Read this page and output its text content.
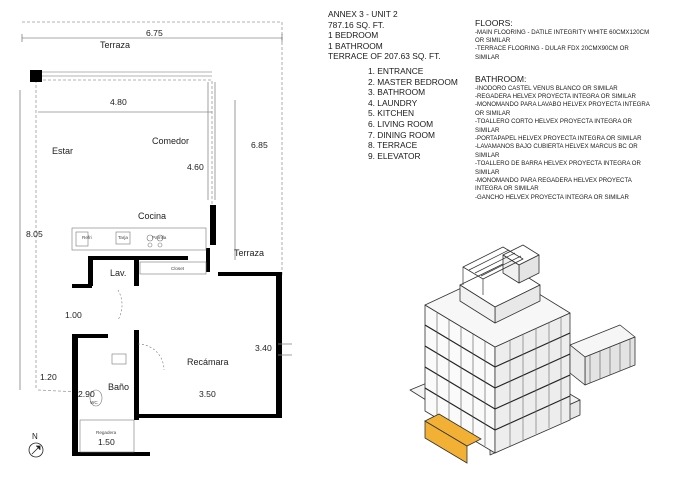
6.75
Terraza
4.80
Estar
Comedor	6.85
4.60
Cocina
8.05	Refri	Tarja	Parrilla
Terraza
Lav.	Closet
1.00
3.40
Recámara
1.20
Baño
2.90	3.50
WC
Regadera
1.50
N
ANNEX 3 - UNIT 2
787.16 SQ. FT.
1 BEDROOM
1 BATHROOM
TERRACE OF 207.63 SQ. FT.
1. ENTRANCE
2. MASTER BEDROOM
3. BATHROOM
4. LAUNDRY
5. KITCHEN
6. LIVING ROOM
7. DINING ROOM
8. TERRACE
9. ELEVATOR
FLOORS:
-MAIN FLOORING - DATILE INTEGRITY WHITE 60CMX120CM
OR SIMILAR
-TERRACE FLOORING - DULAR FDX 20CMX90CM OR
SIMILAR
BATHROOM:
-INODORO CASTEL VENUS BLANCO OR SIMILAR
-REGADERA HELVEX PROYECTA INTEGRA OR SIMILAR
-MONOMANDO PARA LAVABO HELVEX PROYECTA INTEGRA
OR SIMILAR
-TOALLERO CORTO HELVEX PROYECTA INTEGRA OR
SIMILAR
-PORTAPAPEL HELVEX PROYECTA INTEGRA OR SIMILAR
-LAVAMANOS BAJO CUBIERTA HELVEX MARCUS BC OR
SIMILAR
-TOALLERO DE BARRA HELVEX PROYECTA INTEGRA OR
SIMILAR
-MONOMANDO PARA REGADERA HELVEX PROYECTA
INTEGRA OR SIMILAR
-GANCHO HELVEX PROYECTA INTEGRA OR SIMILAR
